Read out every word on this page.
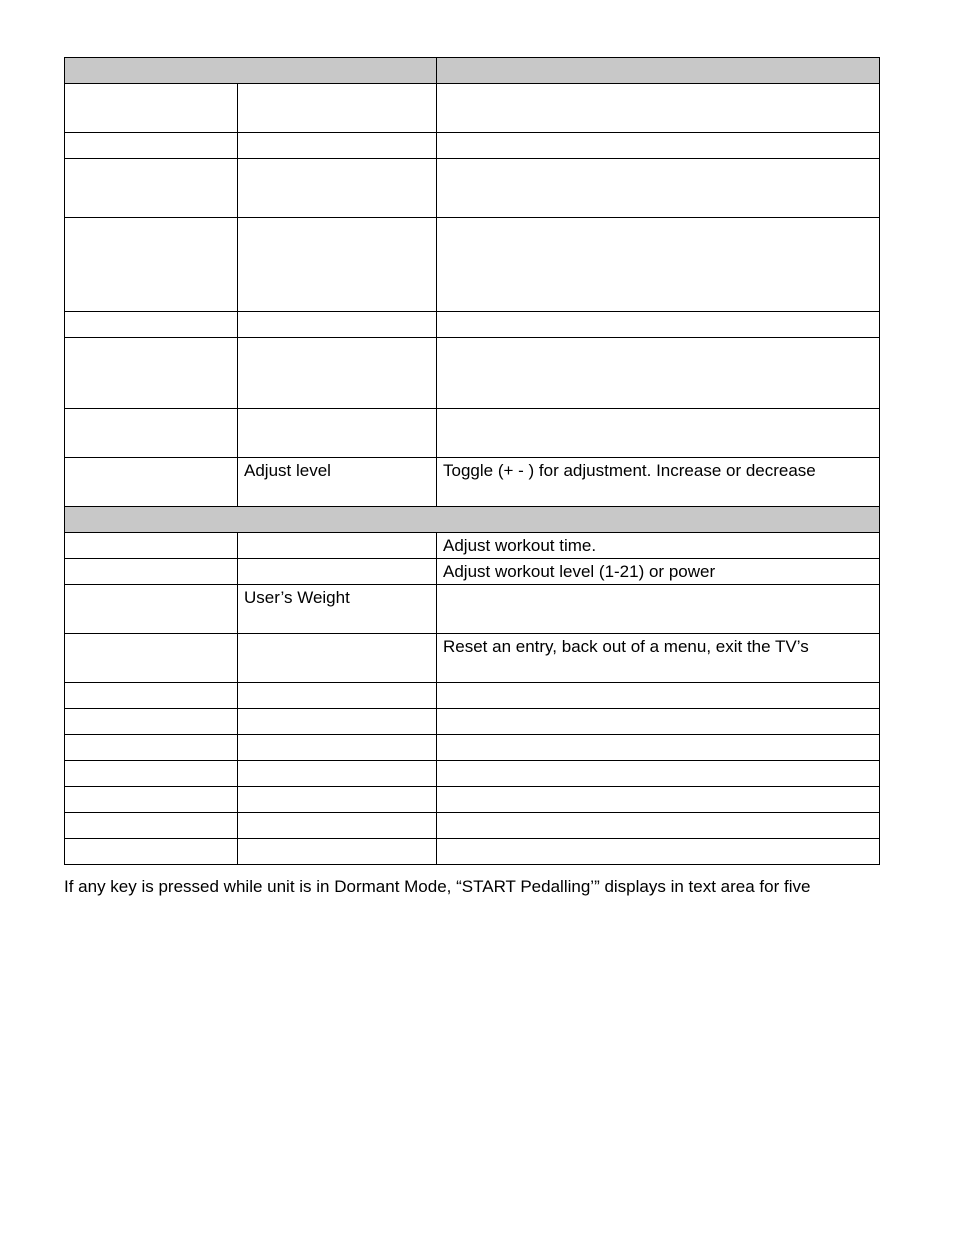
	Adjust level	Toggle (+ - ) for adjustment. Increase or decrease

		Adjust workout time.
		Adjust workout level (1-21) or power
	User’s Weight	
		Reset an entry, back out of a menu, exit the TV’s

If any key is pressed while unit is in Dormant Mode, “START Pedalling’” displays in text area for five
